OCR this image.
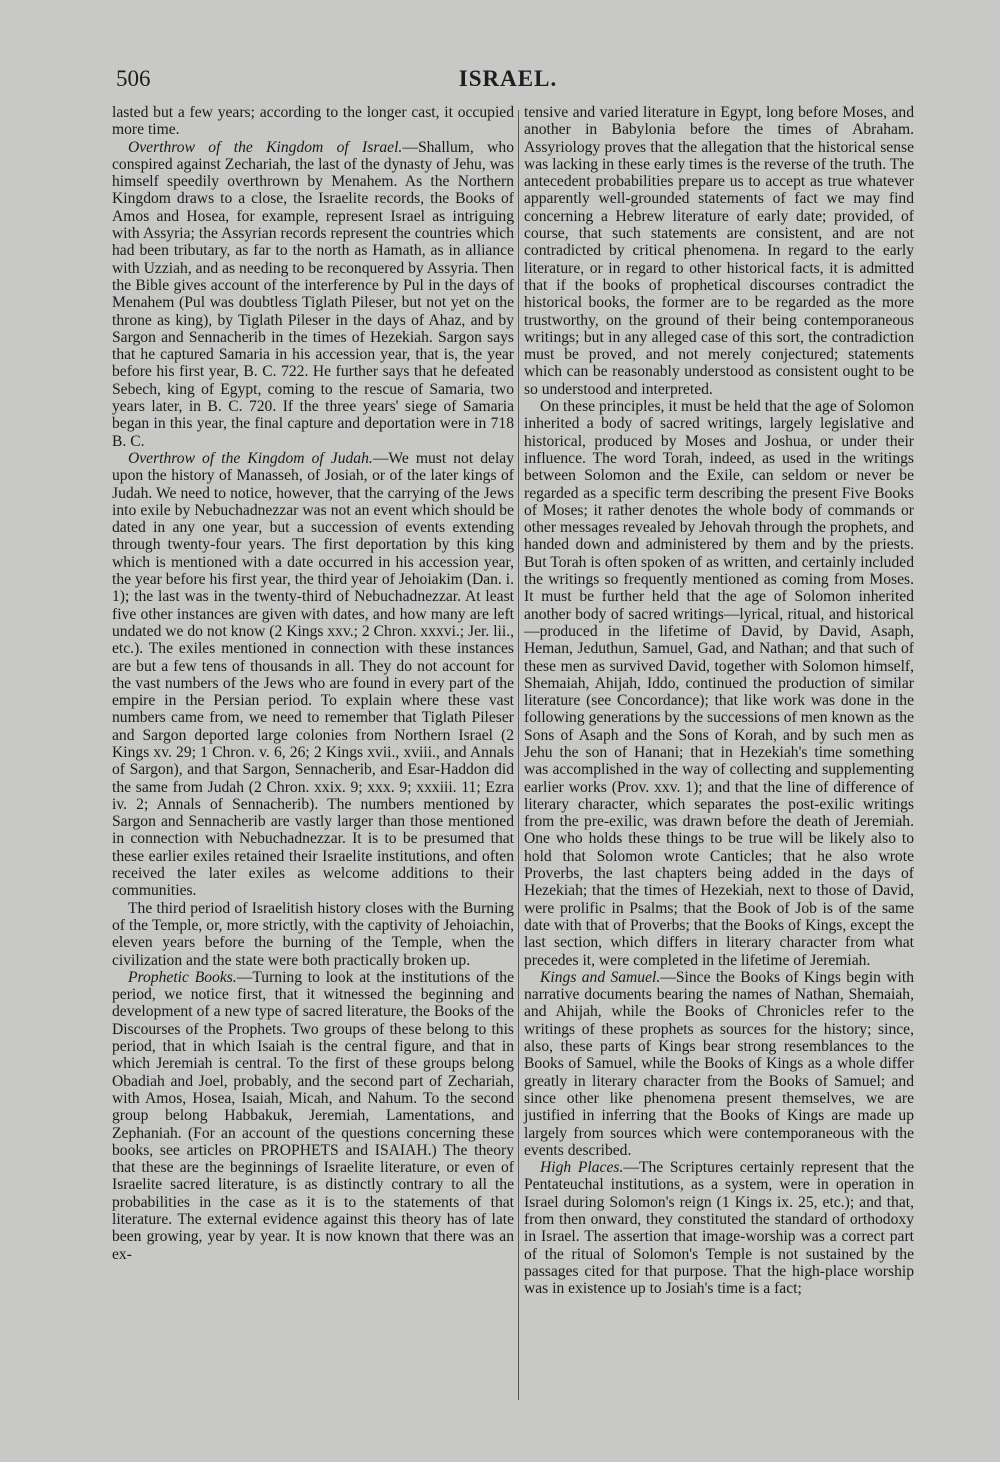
506	ISRAEL.

lasted but a few years; according to the longer cast, it occupied more time.

Overthrow of the Kingdom of Israel.—Shallum, who conspired against Zechariah, the last of the dynasty of Jehu, was himself speedily overthrown by Menahem. As the Northern Kingdom draws to a close, the Israelite records, the Books of Amos and Hosea, for example, represent Israel as intriguing with Assyria; the Assyrian records represent the countries which had been tributary, as far to the north as Hamath, as in alliance with Uzziah, and as needing to be reconquered by Assyria. Then the Bible gives account of the interference by Pul in the days of Menahem (Pul was doubtless Tiglath Pileser, but not yet on the throne as king), by Tiglath Pileser in the days of Ahaz, and by Sargon and Sennacherib in the times of Hezekiah. Sargon says that he captured Samaria in his accession year, that is, the year before his first year, B. C. 722. He further says that he defeated Sebech, king of Egypt, coming to the rescue of Samaria, two years later, in B. C. 720. If the three years' siege of Samaria began in this year, the final capture and deportation were in 718 B. C.

Overthrow of the Kingdom of Judah.—We must not delay upon the history of Manasseh, of Josiah, or of the later kings of Judah. We need to notice, however, that the carrying of the Jews into exile by Nebuchadnezzar was not an event which should be dated in any one year, but a succession of events extending through twenty-four years. The first deportation by this king which is mentioned with a date occurred in his accession year, the year before his first year, the third year of Jehoiakim (Dan. i. 1); the last was in the twenty-third of Nebuchadnezzar. At least five other instances are given with dates, and how many are left undated we do not know (2 Kings xxv.; 2 Chron. xxxvi.; Jer. lii., etc.). The exiles mentioned in connection with these instances are but a few tens of thousands in all. They do not account for the vast numbers of the Jews who are found in every part of the empire in the Persian period. To explain where these vast numbers came from, we need to remember that Tiglath Pileser and Sargon deported large colonies from Northern Israel (2 Kings xv. 29; 1 Chron. v. 6, 26; 2 Kings xvii., xviii., and Annals of Sargon), and that Sargon, Sennacherib, and Esar-Haddon did the same from Judah (2 Chron. xxix. 9; xxx. 9; xxxiii. 11; Ezra iv. 2; Annals of Sennacherib). The numbers mentioned by Sargon and Sennacherib are vastly larger than those mentioned in connection with Nebuchadnezzar. It is to be presumed that these earlier exiles retained their Israelite institutions, and often received the later exiles as welcome additions to their communities.

The third period of Israelitish history closes with the Burning of the Temple, or, more strictly, with the captivity of Jehoiachin, eleven years before the burning of the Temple, when the civilization and the state were both practically broken up.

Prophetic Books.—Turning to look at the institutions of the period, we notice first, that it witnessed the beginning and development of a new type of sacred literature, the Books of the Discourses of the Prophets. Two groups of these belong to this period, that in which Isaiah is the central figure, and that in which Jeremiah is central. To the first of these groups belong Obadiah and Joel, probably, and the second part of Zechariah, with Amos, Hosea, Isaiah, Micah, and Nahum. To the second group belong Habbakuk, Jeremiah, Lamentations, and Zephaniah. (For an account of the questions concerning these books, see articles on PROPHETS and ISAIAH.) The theory that these are the beginnings of Israelite literature, or even of Israelite sacred literature, is as distinctly contrary to all the probabilities in the case as it is to the statements of that literature. The external evidence against this theory has of late been growing, year by year. It is now known that there was an ex-

tensive and varied literature in Egypt, long before Moses, and another in Babylonia before the times of Abraham. Assyriology proves that the allegation that the historical sense was lacking in these early times is the reverse of the truth. The antecedent probabilities prepare us to accept as true whatever apparently well-grounded statements of fact we may find concerning a Hebrew literature of early date; provided, of course, that such statements are consistent, and are not contradicted by critical phenomena. In regard to the early literature, or in regard to other historical facts, it is admitted that if the books of prophetical discourses contradict the historical books, the former are to be regarded as the more trustworthy, on the ground of their being contemporaneous writings; but in any alleged case of this sort, the contradiction must be proved, and not merely conjectured; statements which can be reasonably understood as consistent ought to be so understood and interpreted.

On these principles, it must be held that the age of Solomon inherited a body of sacred writings, largely legislative and historical, produced by Moses and Joshua, or under their influence. The word Torah, indeed, as used in the writings between Solomon and the Exile, can seldom or never be regarded as a specific term describing the present Five Books of Moses; it rather denotes the whole body of commands or other messages revealed by Jehovah through the prophets, and handed down and administered by them and by the priests. But Torah is often spoken of as written, and certainly included the writings so frequently mentioned as coming from Moses. It must be further held that the age of Solomon inherited another body of sacred writings—lyrical, ritual, and historical—produced in the lifetime of David, by David, Asaph, Heman, Jeduthun, Samuel, Gad, and Nathan; and that such of these men as survived David, together with Solomon himself, Shemaiah, Ahijah, Iddo, continued the production of similar literature (see Concordance); that like work was done in the following generations by the successions of men known as the Sons of Asaph and the Sons of Korah, and by such men as Jehu the son of Hanani; that in Hezekiah's time something was accomplished in the way of collecting and supplementing earlier works (Prov. xxv. 1); and that the line of difference of literary character, which separates the post-exilic writings from the pre-exilic, was drawn before the death of Jeremiah. One who holds these things to be true will be likely also to hold that Solomon wrote Canticles; that he also wrote Proverbs, the last chapters being added in the days of Hezekiah; that the times of Hezekiah, next to those of David, were prolific in Psalms; that the Book of Job is of the same date with that of Proverbs; that the Books of Kings, except the last section, which differs in literary character from what precedes it, were completed in the lifetime of Jeremiah.

Kings and Samuel.—Since the Books of Kings begin with narrative documents bearing the names of Nathan, Shemaiah, and Ahijah, while the Books of Chronicles refer to the writings of these prophets as sources for the history; since, also, these parts of Kings bear strong resemblances to the Books of Samuel, while the Books of Kings as a whole differ greatly in literary character from the Books of Samuel; and since other like phenomena present themselves, we are justified in inferring that the Books of Kings are made up largely from sources which were contemporaneous with the events described.

High Places.—The Scriptures certainly represent that the Pentateuchal institutions, as a system, were in operation in Israel during Solomon's reign (1 Kings ix. 25, etc.); and that, from then onward, they constituted the standard of orthodoxy in Israel. The assertion that image-worship was a correct part of the ritual of Solomon's Temple is not sustained by the passages cited for that purpose. That the high-place worship was in existence up to Josiah's time is a fact;
